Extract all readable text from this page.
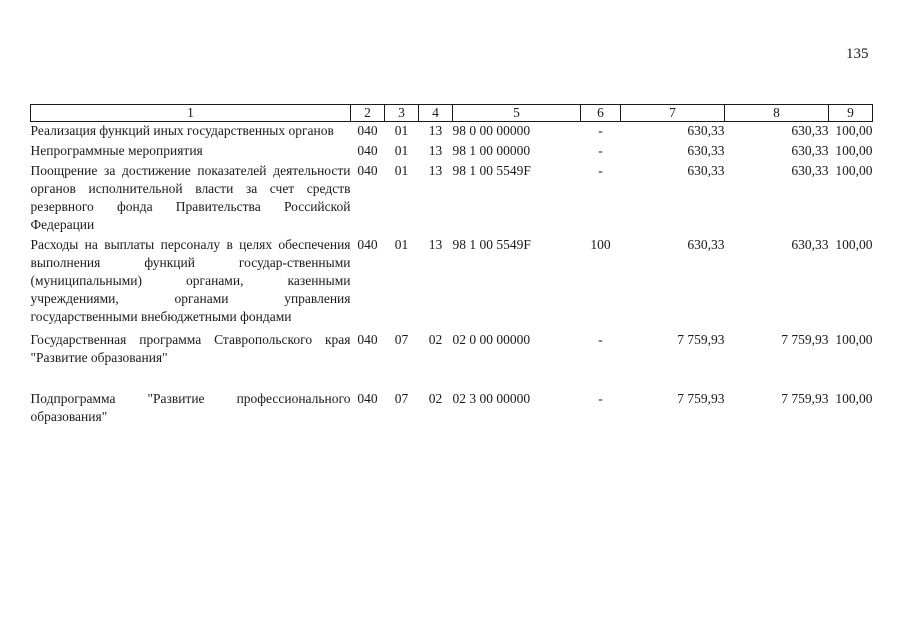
135
1	2	3	4	5	6	7	8	9
Реализация функций иных государственных органов	040	01	13	98 0 00 00000	-	630,33	630,33	100,00
Непрограммные мероприятия	040	01	13	98 1 00 00000	-	630,33	630,33	100,00
Поощрение за достижение показателей деятельности органов исполнительной власти за счет средств резервного фонда Правительства Российской Федерации	040	01	13	98 1 00 5549F	-	630,33	630,33	100,00
Расходы на выплаты персоналу в целях обеспечения выполнения функций государ-ственными (муниципальными) органами, казенными учреждениями, органами управления государственными внебюджетными фондами	040	01	13	98 1 00 5549F	100	630,33	630,33	100,00
Государственная программа Ставропольского края "Развитие образования"	040	07	02	02 0 00 00000	-	7 759,93	7 759,93	100,00
Подпрограмма "Развитие профессионального образования"	040	07	02	02 3 00 00000	-	7 759,93	7 759,93	100,00
